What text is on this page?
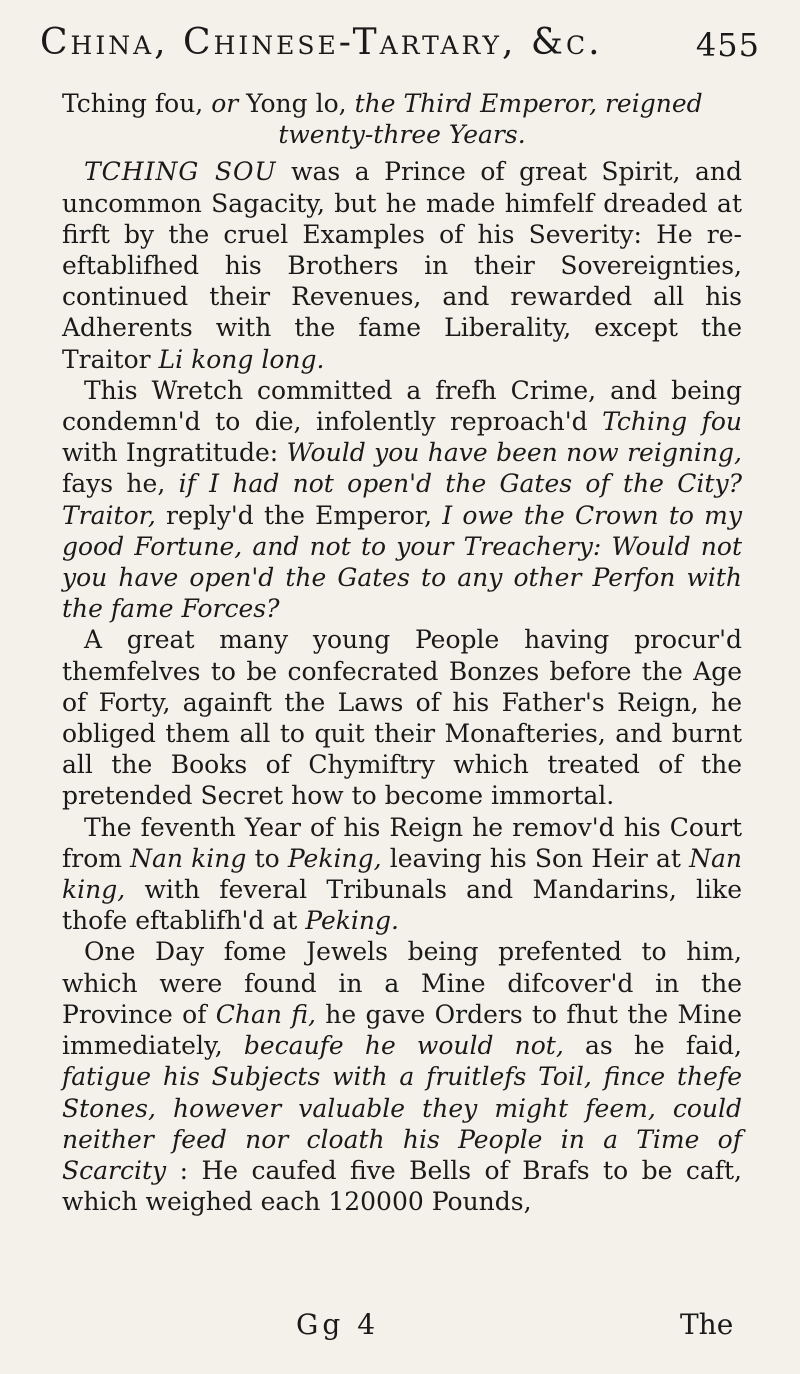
China, Chinese-Tartary, &c.	455

Tching fou, or Yong lo, the Third Emperor, reigned

twenty-three Years.

TCHING SOU was a Prince of great Spirit, and uncommon Sagacity, but he made himfelf dreaded at firft by the cruel Examples of his Severity: He re-eftablifhed his Brothers in their Sovereignties, continued their Revenues, and rewarded all his Adherents with the fame Liberality, except the Traitor Li kong long.

This Wretch committed a frefh Crime, and being condemn'd to die, infolently reproach'd Tching fou with Ingratitude: Would you have been now reigning, fays he, if I had not open'd the Gates of the City? Traitor, reply'd the Emperor, I owe the Crown to my good Fortune, and not to your Treachery: Would not you have open'd the Gates to any other Perfon with the fame Forces?

A great many young People having procur'd themfelves to be confecrated Bonzes before the Age of Forty, againft the Laws of his Father's Reign, he obliged them all to quit their Monafteries, and burnt all the Books of Chymiftry which treated of the pretended Secret how to become immortal.

The feventh Year of his Reign he remov'd his Court from Nan king to Peking, leaving his Son Heir at Nan king, with feveral Tribunals and Mandarins, like thofe eftablifh'd at Peking.

One Day fome Jewels being prefented to him, which were found in a Mine difcover'd in the Province of Chan fi, he gave Orders to fhut the Mine immediately, becaufe he would not, as he faid, fatigue his Subjects with a fruitlefs Toil, fince thefe Stones, however valuable they might feem, could neither feed nor cloath his People in a Time of Scarcity : He caufed five Bells of Brafs to be caft, which weighed each 120000 Pounds,

Gg 4	The
